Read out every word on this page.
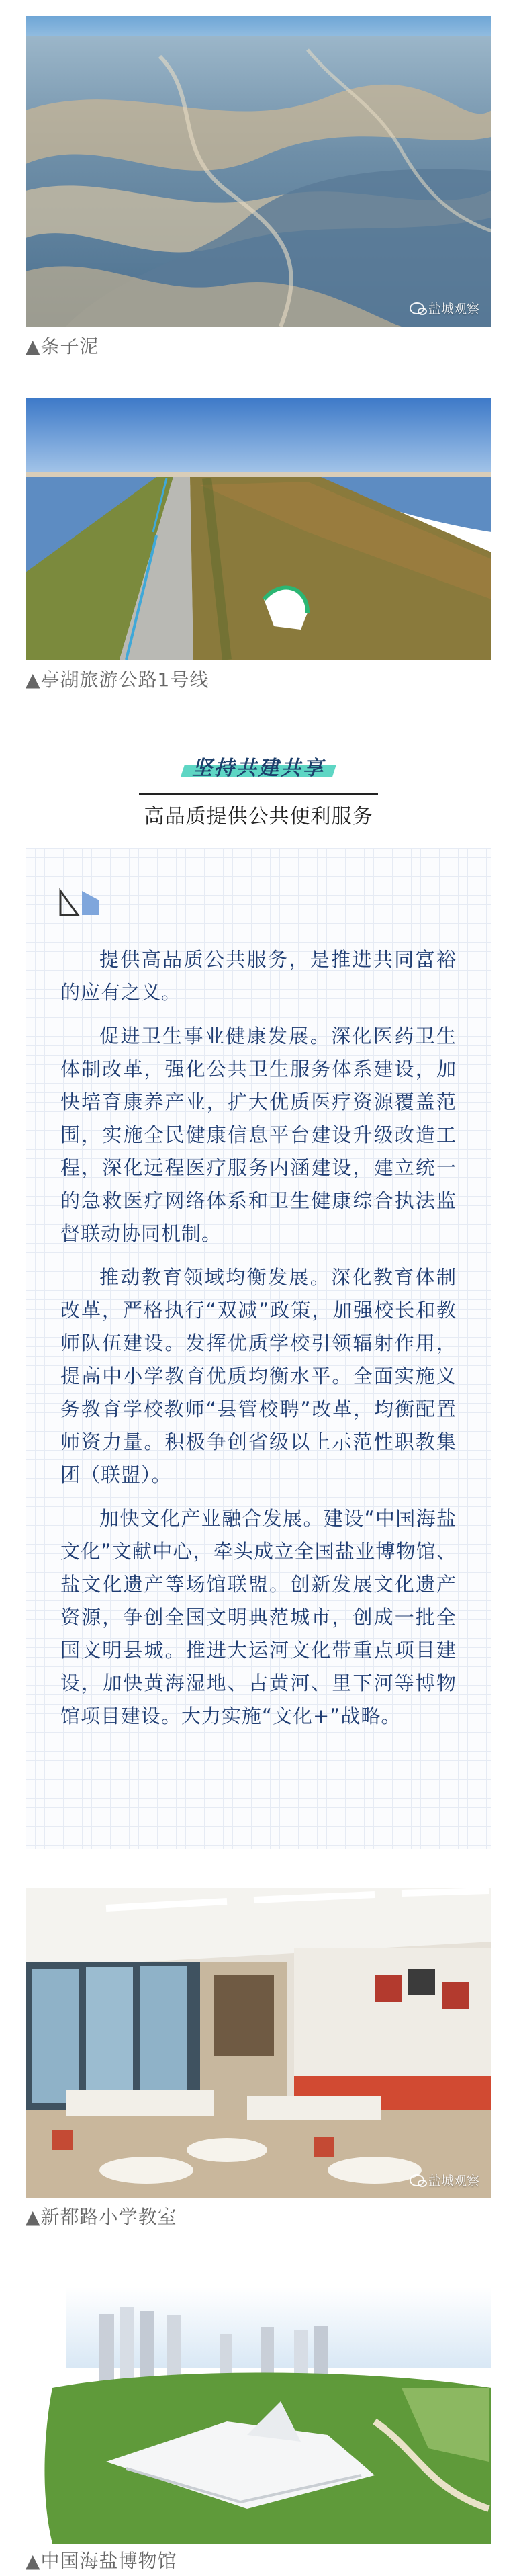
盐城观察
▲条子泥
▲亭湖旅游公路1号线
坚持共建共享
高品质提供公共便利服务

提供高品质公共服务，是推进共同富裕的应有之义。

促进卫生事业健康发展。深化医药卫生体制改革，强化公共卫生服务体系建设，加快培育康养产业，扩大优质医疗资源覆盖范围，实施全民健康信息平台建设升级改造工程，深化远程医疗服务内涵建设，建立统一的急救医疗网络体系和卫生健康综合执法监督联动协同机制。

推动教育领域均衡发展。深化教育体制改革，严格执行“双减”政策，加强校长和教师队伍建设。发挥优质学校引领辐射作用，提高中小学教育优质均衡水平。全面实施义务教育学校教师“县管校聘”改革，均衡配置师资力量。积极争创省级以上示范性职教集团（联盟）。

加快文化产业融合发展。建设“中国海盐文化”文献中心，牵头成立全国盐业博物馆、盐文化遗产等场馆联盟。创新发展文化遗产资源，争创全国文明典范城市，创成一批全国文明县城。推进大运河文化带重点项目建设，加快黄海湿地、古黄河、里下河等博物馆项目建设。大力实施“文化+”战略。

盐城观察
▲新都路小学教室
▲中国海盐博物馆
